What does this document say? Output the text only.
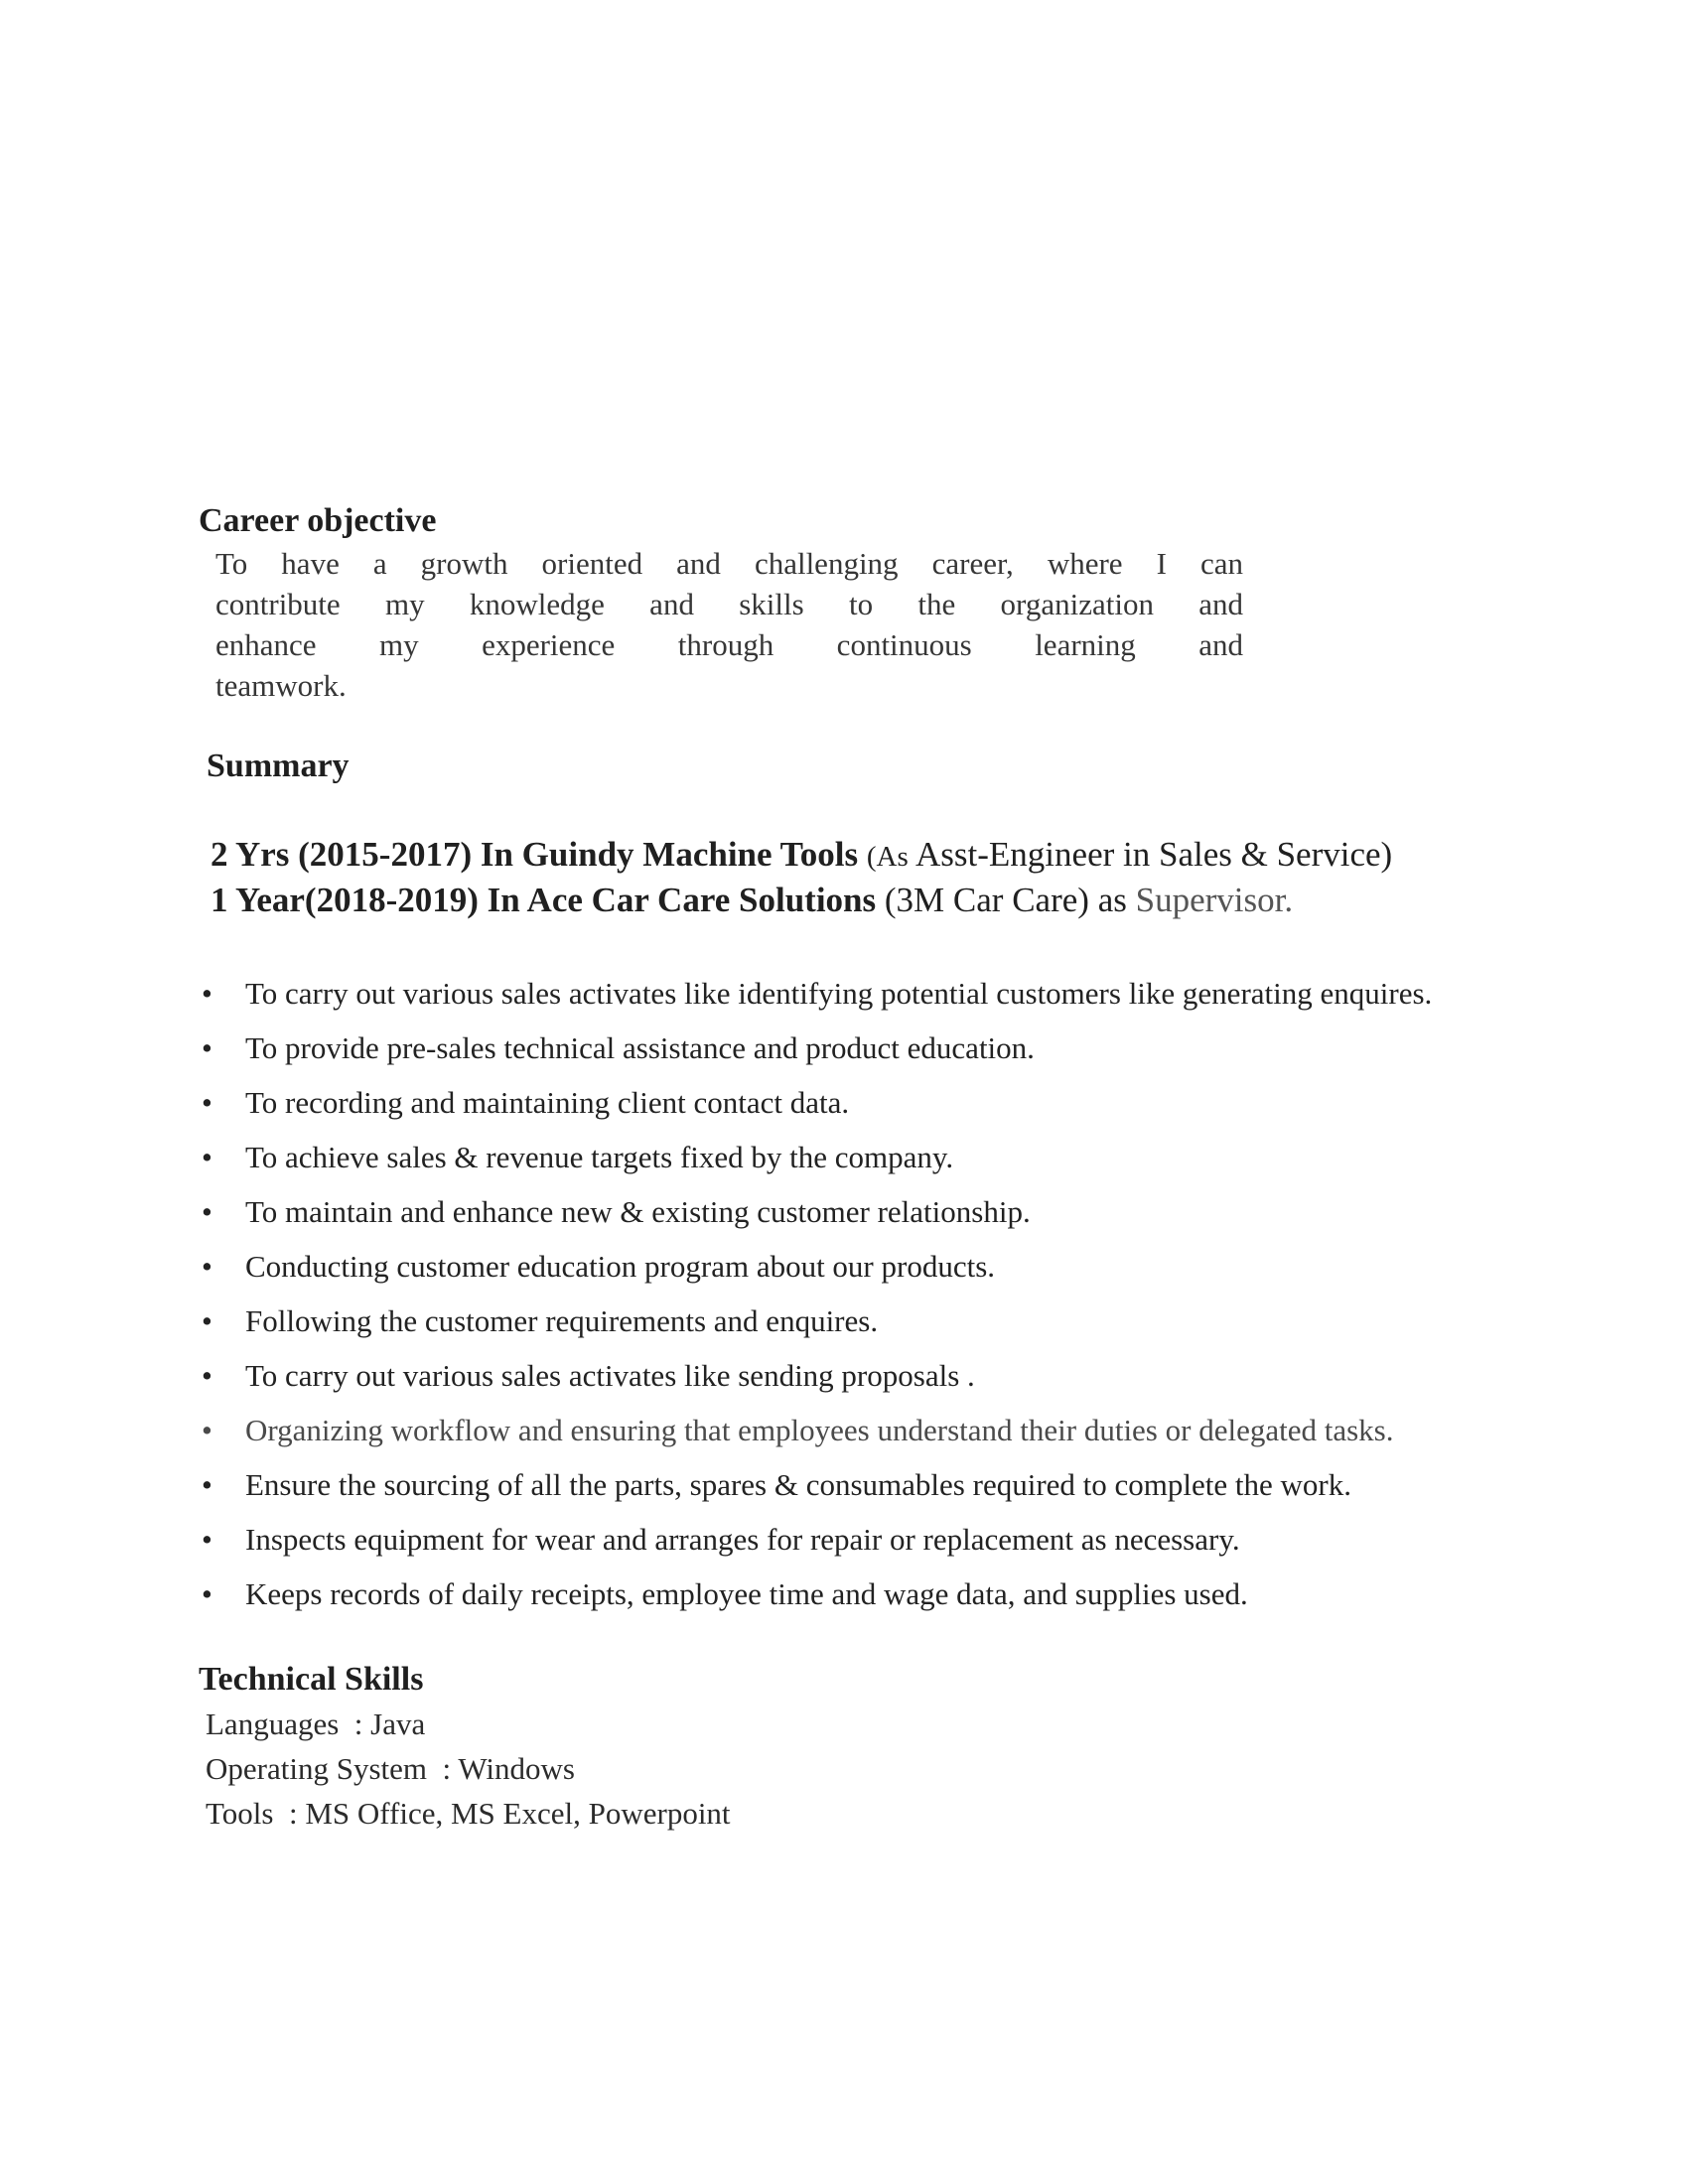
Career objective
To have a growth oriented and challenging career, where I can
contribute my knowledge and skills to the organization and
enhance my experience through continuous learning and
teamwork.
Summary
2 Yrs (2015-2017) In Guindy Machine Tools (As Asst-Engineer in Sales & Service)
1 Year(2018-2019) In Ace Car Care Solutions (3M Car Care) as Supervisor.
• To carry out various sales activates like identifying potential customers like generating enquires.
• To provide pre-sales technical assistance and product education.
• To recording and maintaining client contact data.
• To achieve sales & revenue targets fixed by the company.
• To maintain and enhance new & existing customer relationship.
• Conducting customer education program about our products.
• Following the customer requirements and enquires.
• To carry out various sales activates like sending proposals .
• Organizing workflow and ensuring that employees understand their duties or delegated tasks.
• Ensure the sourcing of all the parts, spares & consumables required to complete the work.
• Inspects equipment for wear and arranges for repair or replacement as necessary.
• Keeps records of daily receipts, employee time and wage data, and supplies used.
Technical Skills
Languages  : Java
Operating System  : Windows
Tools  : MS Office, MS Excel, Powerpoint
